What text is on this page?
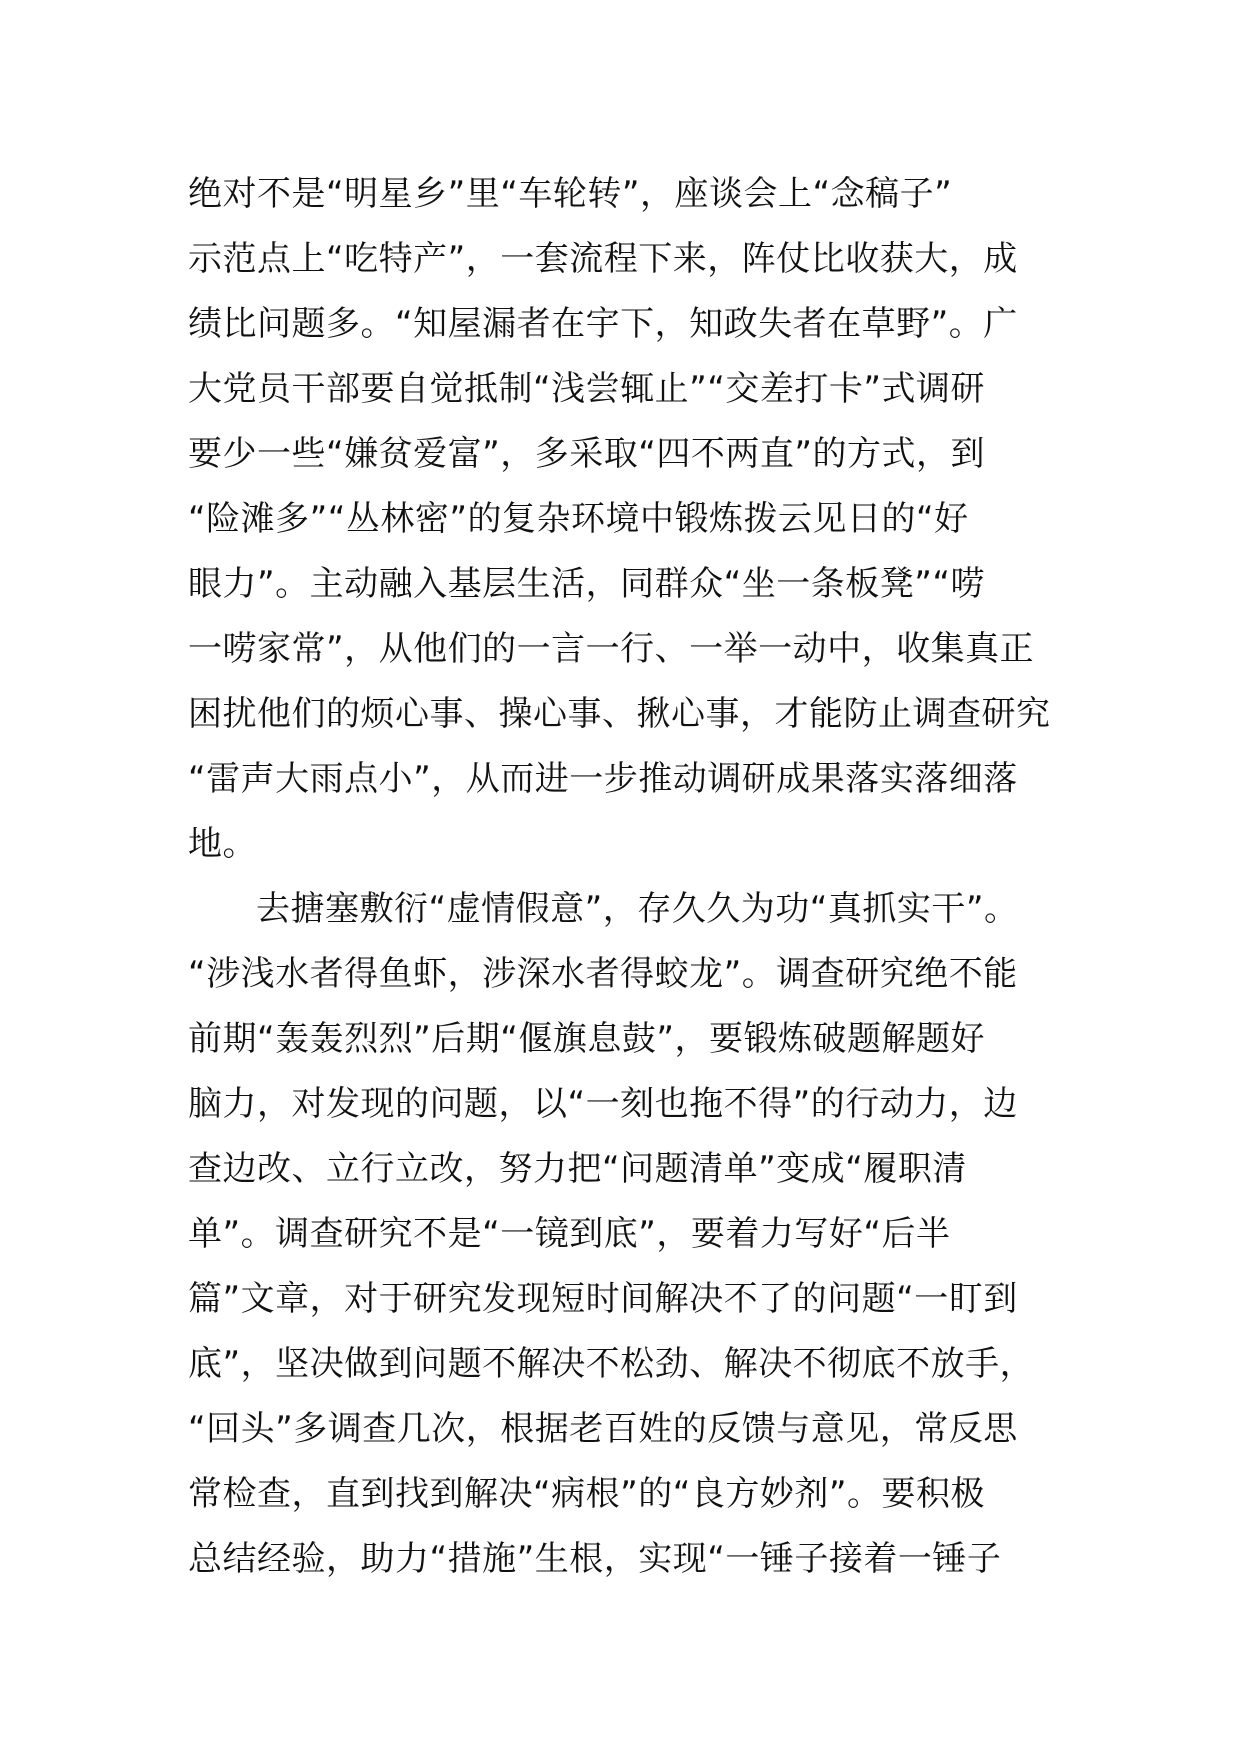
绝对不是“明星乡”里“车轮转”，座谈会上“念稿子”
示范点上“吃特产”，一套流程下来，阵仗比收获大，成
绩比问题多。“知屋漏者在宇下，知政失者在草野”。广
大党员干部要自觉抵制“浅尝辄止”“交差打卡”式调研
要少一些“嫌贫爱富”，多采取“四不两直”的方式，到
“险滩多”“丛林密”的复杂环境中锻炼拨云见日的“好
眼力”。主动融入基层生活，同群众“坐一条板凳”“唠
一唠家常”，从他们的一言一行、一举一动中，收集真正
困扰他们的烦心事、操心事、揪心事，才能防止调查研究
“雷声大雨点小”，从而进一步推动调研成果落实落细落
地。
去搪塞敷衍“虚情假意”，存久久为功“真抓实干”。
“涉浅水者得鱼虾，涉深水者得蛟龙”。调查研究绝不能
前期“轰轰烈烈”后期“偃旗息鼓”，要锻炼破题解题好
脑力，对发现的问题，以“一刻也拖不得”的行动力，边
查边改、立行立改，努力把“问题清单”变成“履职清
单”。调查研究不是“一镜到底”，要着力写好“后半
篇”文章，对于研究发现短时间解决不了的问题“一盯到
底”，坚决做到问题不解决不松劲、解决不彻底不放手，
“回头”多调查几次，根据老百姓的反馈与意见，常反思
常检查，直到找到解决“病根”的“良方妙剂”。要积极
总结经验，助力“措施”生根，实现“一锤子接着一锤子
